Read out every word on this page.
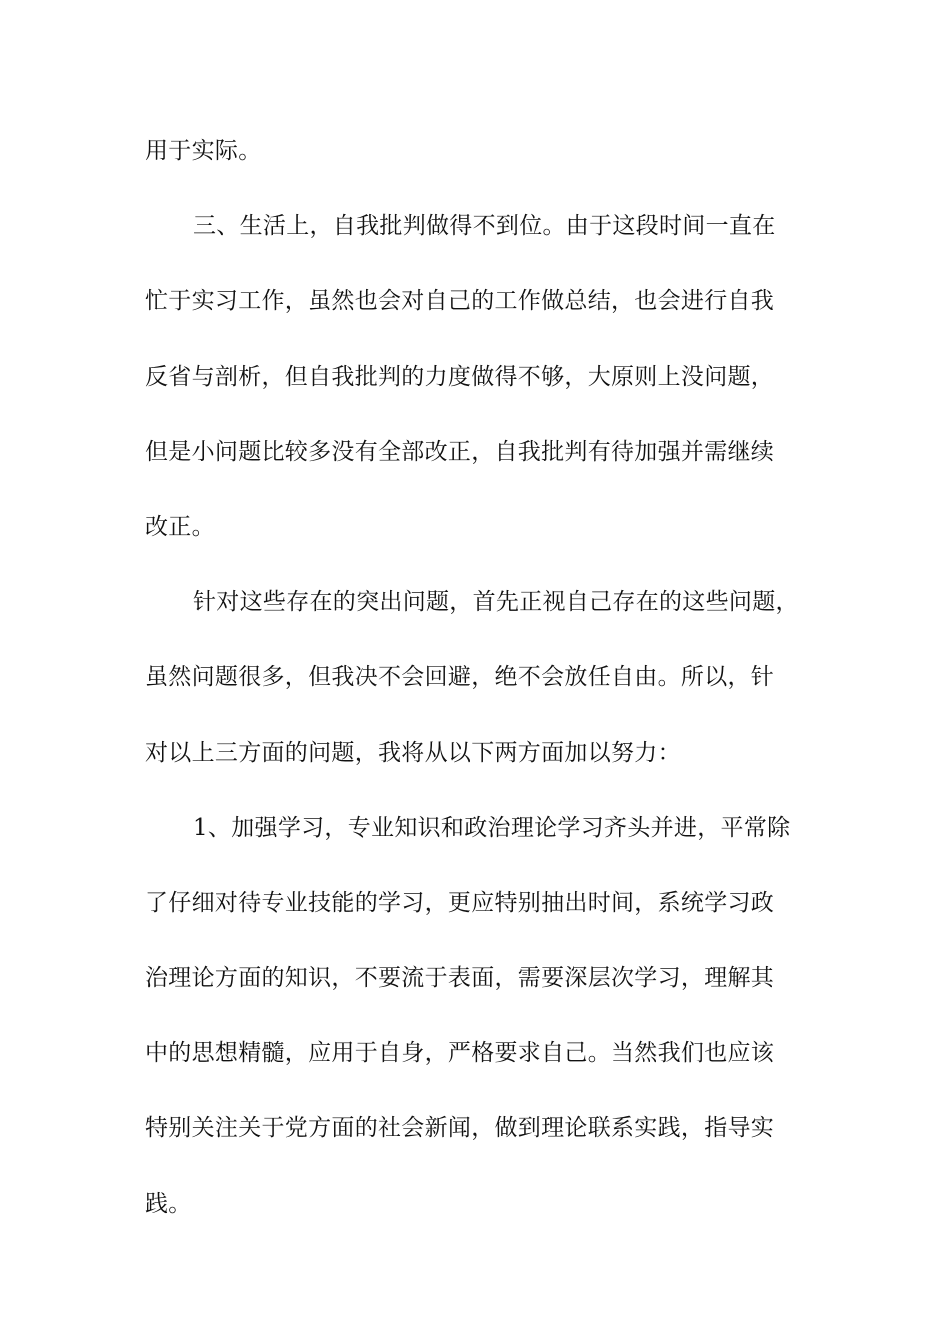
用于实际。
三、生活上，自我批判做得不到位。由于这段时间一直在
忙于实习工作，虽然也会对自己的工作做总结，也会进行自我
反省与剖析，但自我批判的力度做得不够，大原则上没问题，
但是小问题比较多没有全部改正，自我批判有待加强并需继续
改正。
针对这些存在的突出问题，首先正视自己存在的这些问题，
虽然问题很多，但我决不会回避，绝不会放任自由。所以，针
对以上三方面的问题，我将从以下两方面加以努力：
1、加强学习，专业知识和政治理论学习齐头并进，平常除
了仔细对待专业技能的学习，更应特别抽出时间，系统学习政
治理论方面的知识，不要流于表面，需要深层次学习，理解其
中的思想精髓，应用于自身，严格要求自己。当然我们也应该
特别关注关于党方面的社会新闻，做到理论联系实践，指导实
践。
